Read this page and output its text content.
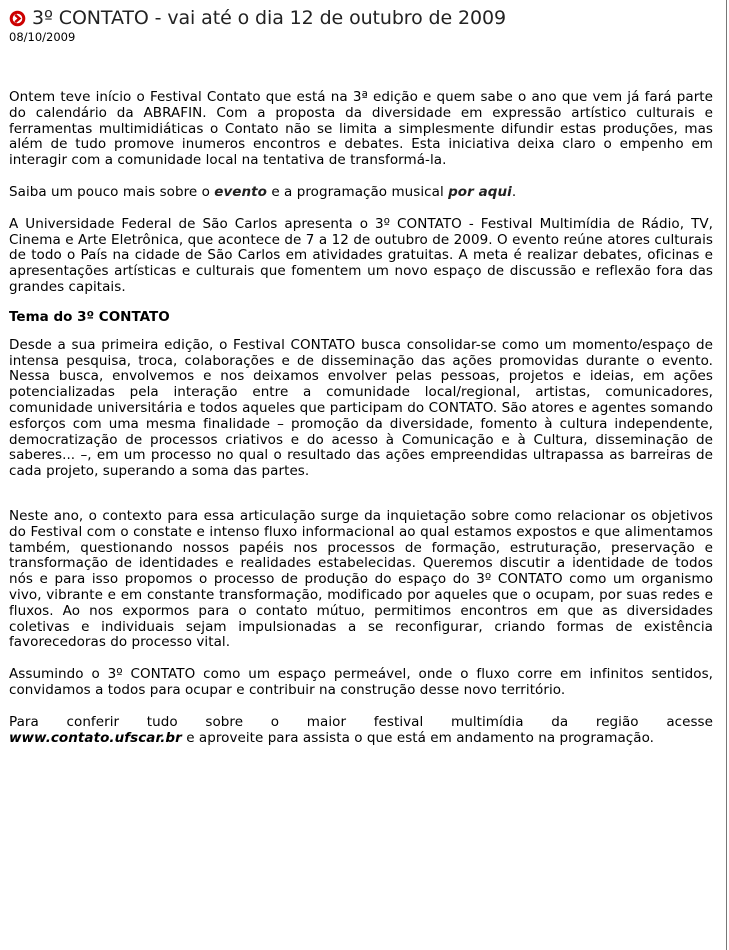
3º CONTATO - vai até o dia 12 de outubro de 2009
08/10/2009

Ontem teve início o Festival Contato que está na 3ª edição e quem sabe o ano que vem já fará parte do calendário da ABRAFIN. Com a proposta da diversidade em expressão artístico culturais e ferramentas multimidiáticas o Contato não se limita a simplesmente difundir estas produções, mas além de tudo promove inumeros encontros e debates. Esta iniciativa deixa claro o empenho em interagir com a comunidade local na tentativa de transformá-la.

Saiba um pouco mais sobre o evento e a programação musical por aqui.

A Universidade Federal de São Carlos apresenta o 3º CONTATO - Festival Multimídia de Rádio, TV, Cinema e Arte Eletrônica, que acontece de 7 a 12 de outubro de 2009. O evento reúne atores culturais de todo o País na cidade de São Carlos em atividades gratuitas. A meta é realizar debates, oficinas e apresentações artísticas e culturais que fomentem um novo espaço de discussão e reflexão fora das grandes capitais.

Tema do 3º CONTATO

Desde a sua primeira edição, o Festival CONTATO busca consolidar-se como um momento/espaço de intensa pesquisa, troca, colaborações e de disseminação das ações promovidas durante o evento. Nessa busca, envolvemos e nos deixamos envolver pelas pessoas, projetos e ideias, em ações potencializadas pela interação entre a comunidade local/regional, artistas, comunicadores, comunidade universitária e todos aqueles que participam do CONTATO. São atores e agentes somando esforços com uma mesma finalidade – promoção da diversidade, fomento à cultura independente, democratização de processos criativos e do acesso à Comunicação e à Cultura, disseminação de saberes... –, em um processo no qual o resultado das ações empreendidas ultrapassa as barreiras de cada projeto, superando a soma das partes.

Neste ano, o contexto para essa articulação surge da inquietação sobre como relacionar os objetivos do Festival com o constate e intenso fluxo informacional ao qual estamos expostos e que alimentamos também, questionando nossos papéis nos processos de formação, estruturação, preservação e transformação de identidades e realidades estabelecidas. Queremos discutir a identidade de todos nós e para isso propomos o processo de produção do espaço do 3º CONTATO como um organismo vivo, vibrante e em constante transformação, modificado por aqueles que o ocupam, por suas redes e fluxos. Ao nos expormos para o contato mútuo, permitimos encontros em que as diversidades coletivas e individuais sejam impulsionadas a se reconfigurar, criando formas de existência favorecedoras do processo vital.

Assumindo o 3º CONTATO como um espaço permeável, onde o fluxo corre em infinitos sentidos, convidamos a todos para ocupar e contribuir na construção desse novo território.

Para conferir tudo sobre o maior festival multimídia da região acesse

www.contato.ufscar.br e aproveite para assista o que está em andamento na programação.
